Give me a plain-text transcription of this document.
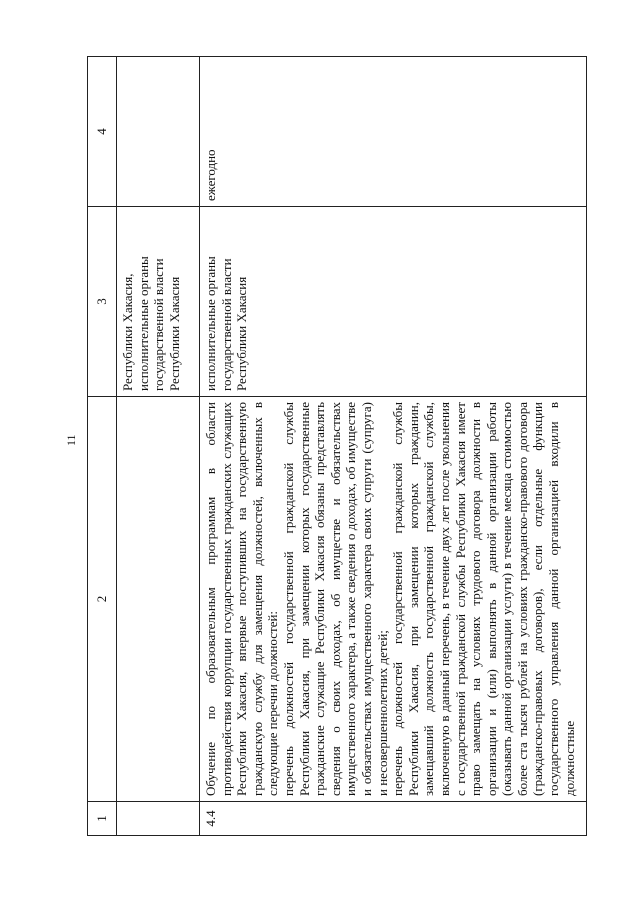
11
1	2	3	4
		Республики Хакасия, исполнительные органы государственной власти Республики Хакасия	
4.4	Обучение по образовательным программам в области противодействия коррупции государственных гражданских служащих Республики Хакасия, впервые поступивших на государственную гражданскую службу для замещения должностей, включенных в следующие перечни должностей: перечень должностей государственной гражданской службы Республики Хакасия, при замещении которых государственные гражданские служащие Республики Хакасия обязаны представлять сведения о своих доходах, об имуществе и обязательствах имущественного характера, а также сведения о доходах, об имуществе и обязательствах имущественного характера своих супруги (супруга) и несовершеннолетних детей; перечень должностей государственной гражданской службы Республики Хакасия, при замещении которых гражданин, замещавший должность государственной гражданской службы, включенную в данный перечень, в течение двух лет после увольнения с государственной гражданской службы Республики Хакасия имеет право замещать на условиях трудового договора должности в организации и (или) выполнять в данной организации работы (оказывать данной организации услуги) в течение месяца стоимостью более ста тысяч рублей на условиях гражданско-правового договора (гражданско-правовых договоров), если отдельные функции государственного управления данной организацией входили в должностные	исполнительные органы государственной власти Республики Хакасия	ежегодно
